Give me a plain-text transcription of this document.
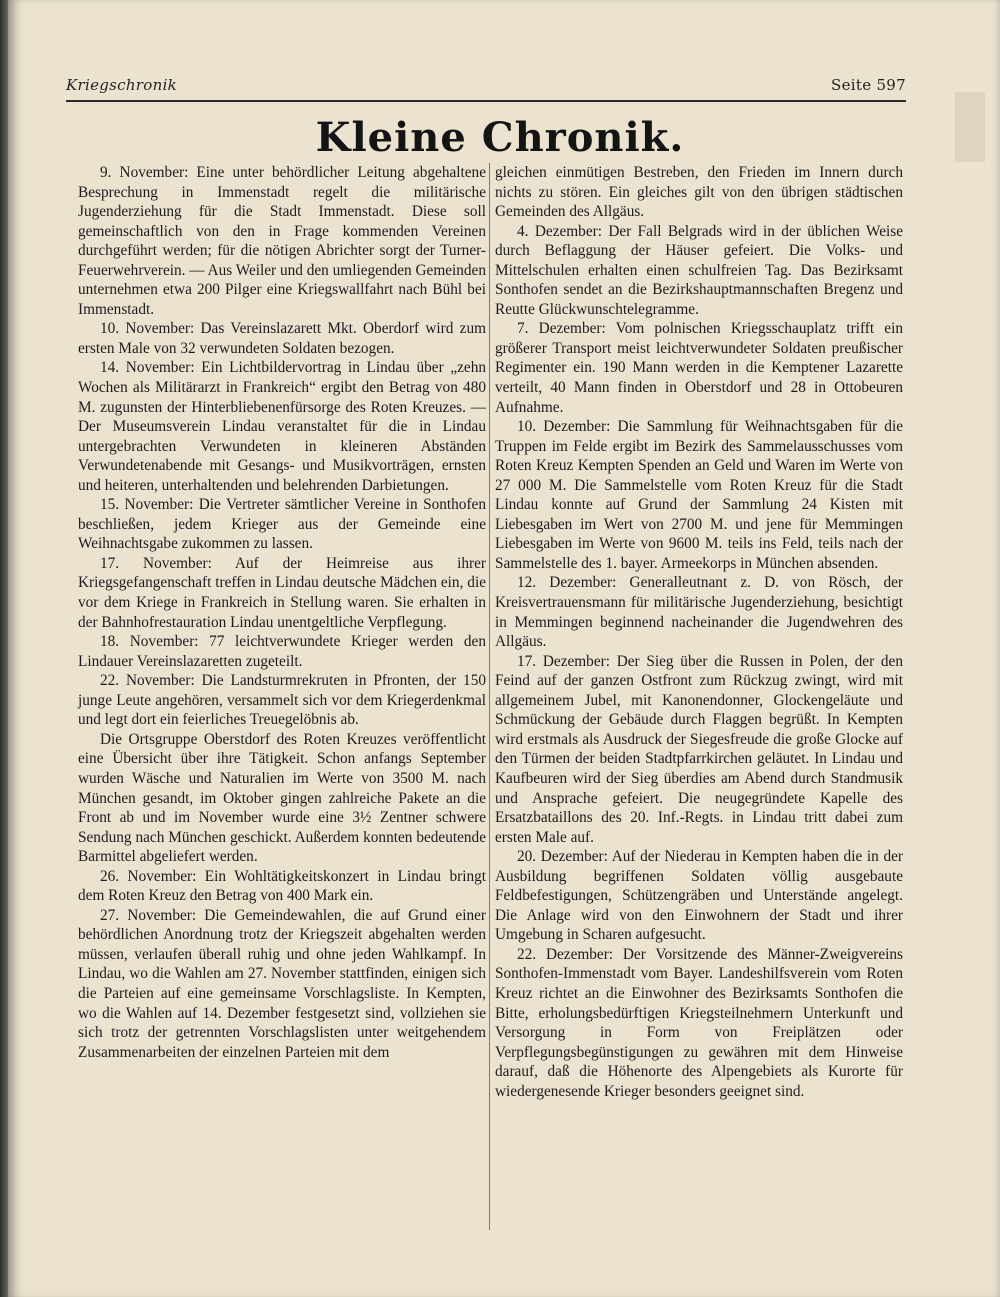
Kriegschronik	Seite 597
Kleine Chronik.

9. November: Eine unter behördlicher Leitung abgehaltene Besprechung in Immenstadt regelt die militärische Jugenderziehung für die Stadt Immenstadt. Diese soll gemeinschaftlich von den in Frage kommenden Vereinen durchgeführt werden; für die nötigen Abrichter sorgt der Turner-Feuerwehrverein. — Aus Weiler und den umliegenden Gemeinden unternehmen etwa 200 Pilger eine Kriegswallfahrt nach Bühl bei Immenstadt.

10. November: Das Vereinslazarett Mkt. Oberdorf wird zum ersten Male von 32 verwundeten Soldaten bezogen.

14. November: Ein Lichtbildervortrag in Lindau über „zehn Wochen als Militärarzt in Frankreich“ ergibt den Betrag von 480 M. zugunsten der Hinterbliebenenfürsorge des Roten Kreuzes. — Der Museumsverein Lindau veranstaltet für die in Lindau untergebrachten Verwundeten in kleineren Abständen Verwundetenabende mit Gesangs- und Musikvorträgen, ernsten und heiteren, unterhaltenden und belehrenden Darbietungen.

15. November: Die Vertreter sämtlicher Vereine in Sonthofen beschließen, jedem Krieger aus der Gemeinde eine Weihnachtsgabe zukommen zu lassen.

17. November: Auf der Heimreise aus ihrer Kriegsgefangenschaft treffen in Lindau deutsche Mädchen ein, die vor dem Kriege in Frankreich in Stellung waren. Sie erhalten in der Bahnhofrestauration Lindau unentgeltliche Verpflegung.

18. November: 77 leichtverwundete Krieger werden den Lindauer Vereinslazaretten zugeteilt.

22. November: Die Landsturmrekruten in Pfronten, der 150 junge Leute angehören, versammelt sich vor dem Kriegerdenkmal und legt dort ein feierliches Treuegelöbnis ab.

Die Ortsgruppe Oberstdorf des Roten Kreuzes veröffentlicht eine Übersicht über ihre Tätigkeit. Schon anfangs September wurden Wäsche und Naturalien im Werte von 3500 M. nach München gesandt, im Oktober gingen zahlreiche Pakete an die Front ab und im November wurde eine 3½ Zentner schwere Sendung nach München geschickt. Außerdem konnten bedeutende Barmittel abgeliefert werden.

26. November: Ein Wohltätigkeitskonzert in Lindau bringt dem Roten Kreuz den Betrag von 400 Mark ein.

27. November: Die Gemeindewahlen, die auf Grund einer behördlichen Anordnung trotz der Kriegszeit abgehalten werden müssen, verlaufen überall ruhig und ohne jeden Wahlkampf. In Lindau, wo die Wahlen am 27. November stattfinden, einigen sich die Parteien auf eine gemeinsame Vorschlagsliste. In Kempten, wo die Wahlen auf 14. Dezember festgesetzt sind, vollziehen sie sich trotz der getrennten Vorschlagslisten unter weitgehendem Zusammenarbeiten der einzelnen Parteien mit dem

gleichen einmütigen Bestreben, den Frieden im Innern durch nichts zu stören. Ein gleiches gilt von den übrigen städtischen Gemeinden des Allgäus.

4. Dezember: Der Fall Belgrads wird in der üblichen Weise durch Beflaggung der Häuser gefeiert. Die Volks- und Mittelschulen erhalten einen schulfreien Tag. Das Bezirksamt Sonthofen sendet an die Bezirkshauptmannschaften Bregenz und Reutte Glückwunschtelegramme.

7. Dezember: Vom polnischen Kriegsschauplatz trifft ein größerer Transport meist leichtverwundeter Soldaten preußischer Regimenter ein. 190 Mann werden in die Kemptener Lazarette verteilt, 40 Mann finden in Oberstdorf und 28 in Ottobeuren Aufnahme.

10. Dezember: Die Sammlung für Weihnachtsgaben für die Truppen im Felde ergibt im Bezirk des Sammelausschusses vom Roten Kreuz Kempten Spenden an Geld und Waren im Werte von 27 000 M. Die Sammelstelle vom Roten Kreuz für die Stadt Lindau konnte auf Grund der Sammlung 24 Kisten mit Liebesgaben im Wert von 2700 M. und jene für Memmingen Liebesgaben im Werte von 9600 M. teils ins Feld, teils nach der Sammelstelle des 1. bayer. Armeekorps in München absenden.

12. Dezember: Generalleutnant z. D. von Rösch, der Kreisvertrauensmann für militärische Jugenderziehung, besichtigt in Memmingen beginnend nacheinander die Jugendwehren des Allgäus.

17. Dezember: Der Sieg über die Russen in Polen, der den Feind auf der ganzen Ostfront zum Rückzug zwingt, wird mit allgemeinem Jubel, mit Kanonendonner, Glockengeläute und Schmückung der Gebäude durch Flaggen begrüßt. In Kempten wird erstmals als Ausdruck der Siegesfreude die große Glocke auf den Türmen der beiden Stadtpfarrkirchen geläutet. In Lindau und Kaufbeuren wird der Sieg überdies am Abend durch Standmusik und Ansprache gefeiert. Die neugegründete Kapelle des Ersatzbataillons des 20. Inf.-Regts. in Lindau tritt dabei zum ersten Male auf.

20. Dezember: Auf der Niederau in Kempten haben die in der Ausbildung begriffenen Soldaten völlig ausgebaute Feldbefestigungen, Schützengräben und Unterstände angelegt. Die Anlage wird von den Einwohnern der Stadt und ihrer Umgebung in Scharen aufgesucht.

22. Dezember: Der Vorsitzende des Männer-Zweigvereins Sonthofen-Immenstadt vom Bayer. Landeshilfsverein vom Roten Kreuz richtet an die Einwohner des Bezirksamts Sonthofen die Bitte, erholungsbedürftigen Kriegsteilnehmern Unterkunft und Versorgung in Form von Freiplätzen oder Verpflegungsbegünstigungen zu gewähren mit dem Hinweise darauf, daß die Höhenorte des Alpengebiets als Kurorte für wiedergenesende Krieger besonders geeignet sind.
